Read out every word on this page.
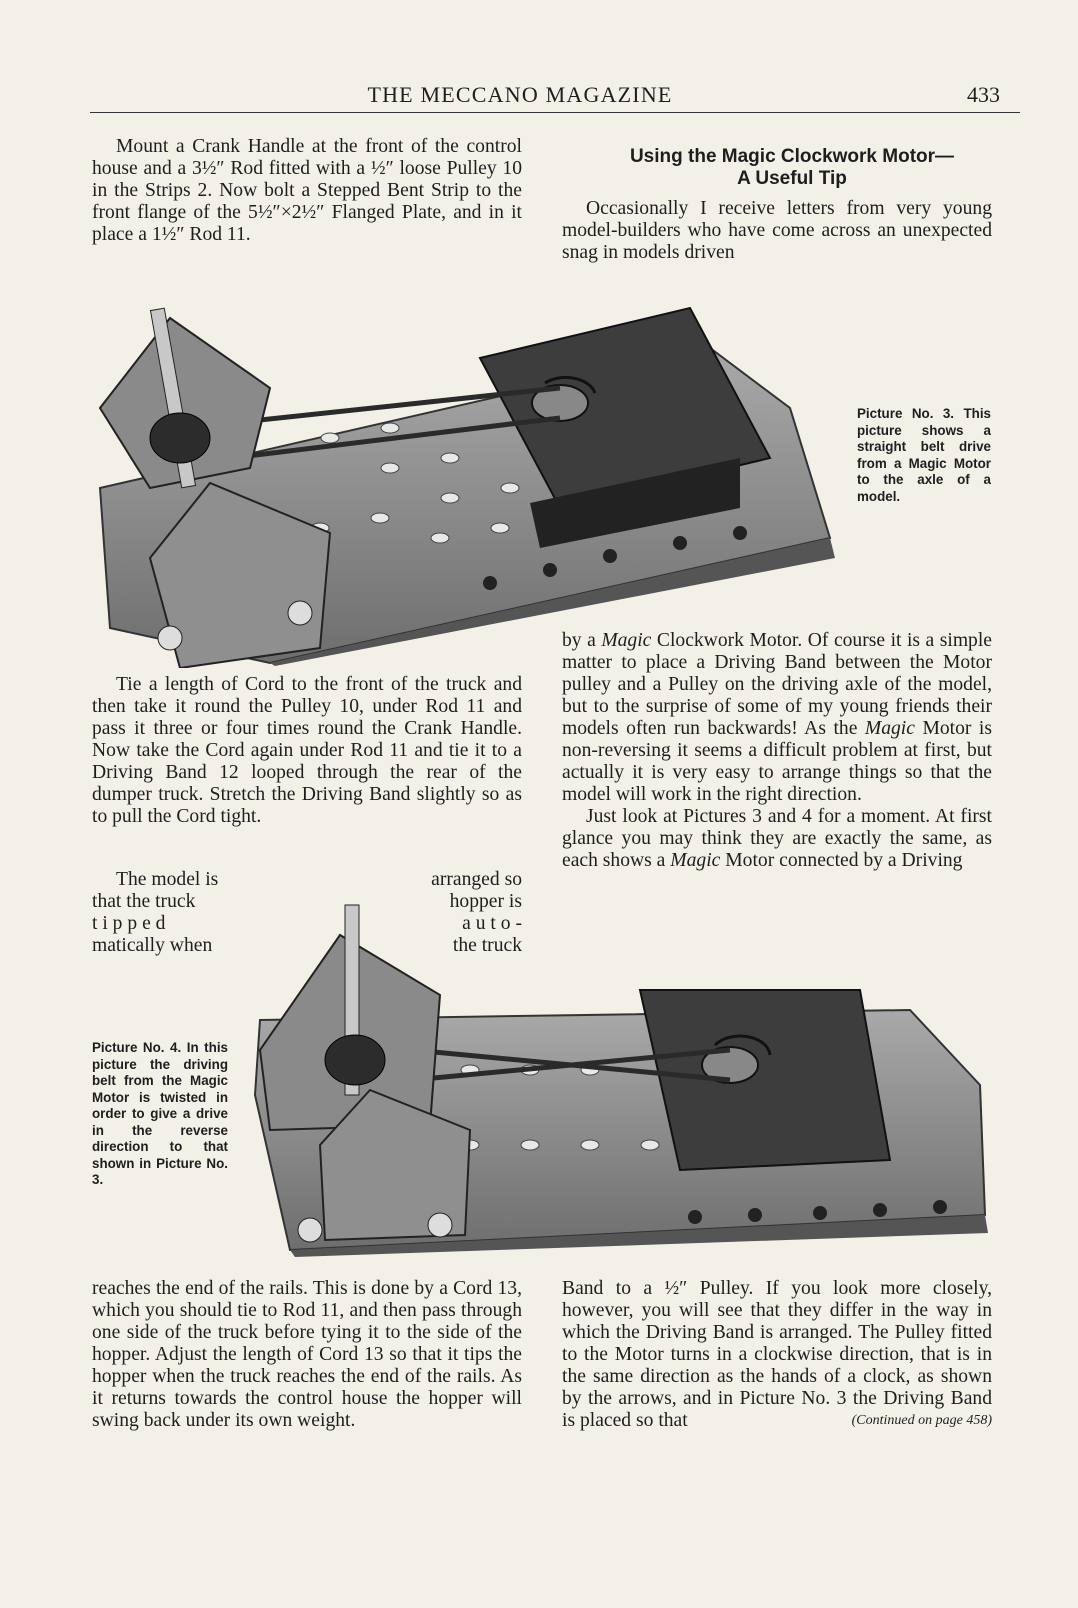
THE MECCANO MAGAZINE	433

Mount a Crank Handle at the front of the control house and a 3½″ Rod fitted with a ½″ loose Pulley 10 in the Strips 2. Now bolt a Stepped Bent Strip to the front flange of the 5½″×2½″ Flanged Plate, and in it place a 1½″ Rod 11.

Using the Magic Clockwork Motor—
A Useful Tip

Occasionally I receive letters from very young model-builders who have come across an unexpected snag in models driven

Picture No. 3. This picture shows a straight belt drive from a Magic Motor to the axle of a model.

by a Magic Clockwork Motor. Of course it is a simple matter to place a Driving Band between the Motor pulley and a Pulley on the driving axle of the model, but to the surprise of some of my young friends their models often run backwards! As the Magic Motor is non-reversing it seems a difficult problem at first, but actually it is very easy to arrange things so that the model will work in the right direction.

Just look at Pictures 3 and 4 for a moment. At first glance you may think they are exactly the same, as each shows a Magic Motor connected by a Driving

Tie a length of Cord to the front of the truck and then take it round the Pulley 10, under Rod 11 and pass it three or four times round the Crank Handle. Now take the Cord again under Rod 11 and tie it to a Driving Band 12 looped through the rear of the dumper truck. Stretch the Driving Band slightly so as to pull the Cord tight.

The model is
that the truck
t i p p e d
matically when
arranged so
hopper is
a u t o -
the truck
Picture No. 4. In this picture the driving belt from the Magic Motor is twisted in order to give a drive in the reverse direction to that shown in Picture No. 3.

reaches the end of the rails. This is done by a Cord 13, which you should tie to Rod 11, and then pass through one side of the truck before tying it to the side of the hopper. Adjust the length of Cord 13 so that it tips the hopper when the truck reaches the end of the rails. As it returns towards the control house the hopper will swing back under its own weight.

Band to a ½″ Pulley. If you look more closely, however, you will see that they differ in the way in which the Driving Band is arranged. The Pulley fitted to the Motor turns in a clockwise direction, that is in the same direction as the hands of a clock, as shown by the arrows, and in Picture No. 3 the Driving Band is placed so that	(Continued on page 458)
